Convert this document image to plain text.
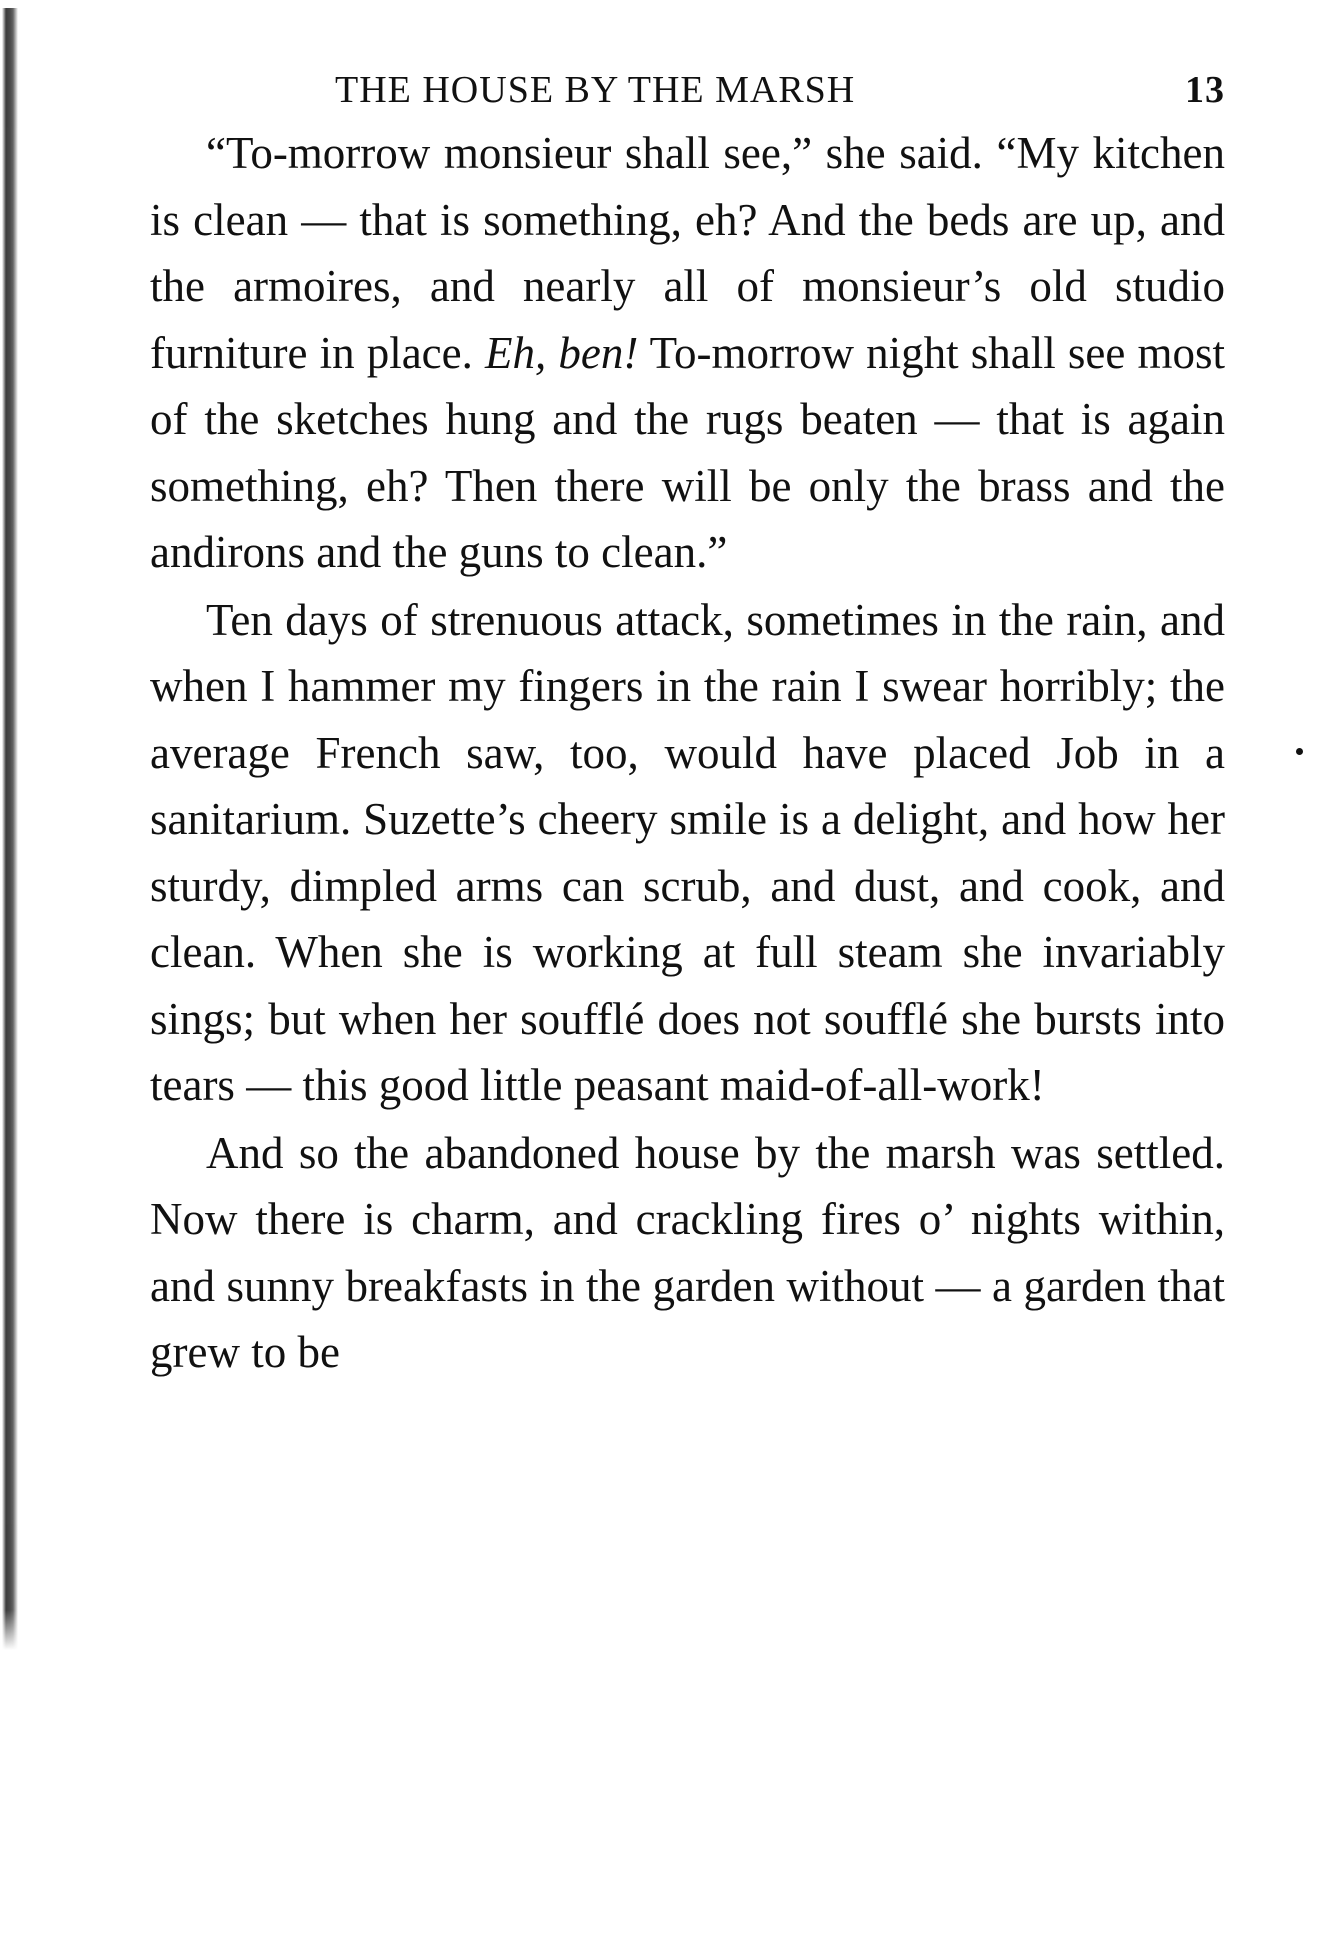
THE HOUSE BY THE MARSH	13

“To-morrow monsieur shall see,” she said. “My kitchen is clean — that is something, eh? And the beds are up, and the armoires, and nearly all of monsieur’s old studio furniture in place. Eh, ben! To-morrow night shall see most of the sketches hung and the rugs beaten — that is again something, eh? Then there will be only the brass and the andirons and the guns to clean.”

Ten days of strenuous attack, sometimes in the rain, and when I hammer my fingers in the rain I swear horribly; the average French saw, too, would have placed Job in a sanitarium. Suzette’s cheery smile is a delight, and how her sturdy, dimpled arms can scrub, and dust, and cook, and clean. When she is working at full steam she invariably sings; but when her soufflé does not soufflé she bursts into tears — this good little peasant maid-of-all-work!

And so the abandoned house by the marsh was settled. Now there is charm, and crackling fires o’ nights within, and sunny breakfasts in the garden without — a garden that grew to be
